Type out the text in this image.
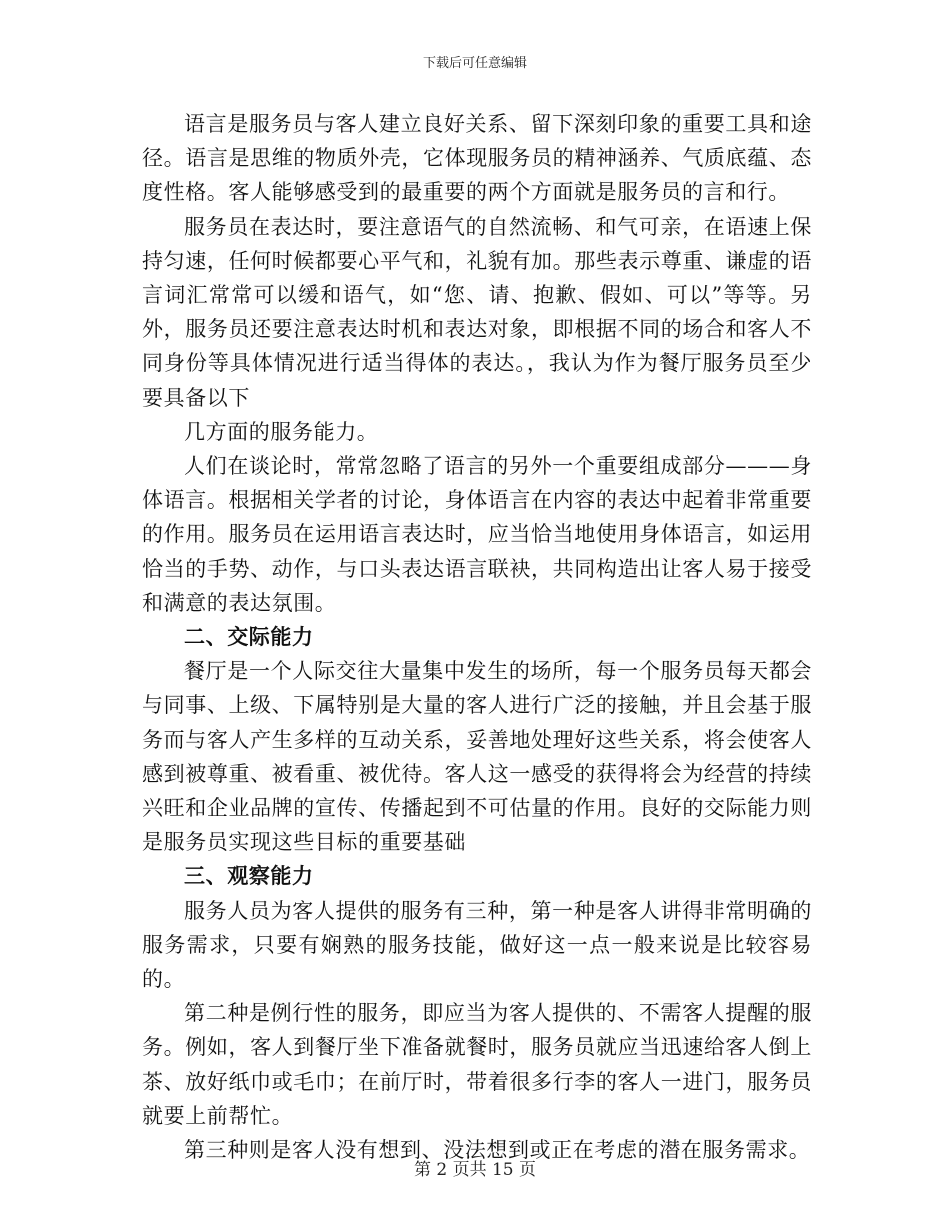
下载后可任意编辑

语言是服务员与客人建立良好关系、留下深刻印象的重要工具和途径。语言是思维的物质外壳，它体现服务员的精神涵养、气质底蕴、态度性格。客人能够感受到的最重要的两个方面就是服务员的言和行。

服务员在表达时，要注意语气的自然流畅、和气可亲，在语速上保持匀速，任何时候都要心平气和，礼貌有加。那些表示尊重、谦虚的语言词汇常常可以缓和语气，如“您、请、抱歉、假如、可以”等等。另外，服务员还要注意表达时机和表达对象，即根据不同的场合和客人不同身份等具体情况进行适当得体的表达。，我认为作为餐厅服务员至少要具备以下

几方面的服务能力。

人们在谈论时，常常忽略了语言的另外一个重要组成部分———身体语言。根据相关学者的讨论，身体语言在内容的表达中起着非常重要的作用。服务员在运用语言表达时，应当恰当地使用身体语言，如运用恰当的手势、动作，与口头表达语言联袂，共同构造出让客人易于接受和满意的表达氛围。

二、交际能力

餐厅是一个人际交往大量集中发生的场所，每一个服务员每天都会与同事、上级、下属特别是大量的客人进行广泛的接触，并且会基于服务而与客人产生多样的互动关系，妥善地处理好这些关系，将会使客人感到被尊重、被看重、被优待。客人这一感受的获得将会为经营的持续兴旺和企业品牌的宣传、传播起到不可估量的作用。良好的交际能力则是服务员实现这些目标的重要基础

三、观察能力

服务人员为客人提供的服务有三种，第一种是客人讲得非常明确的服务需求，只要有娴熟的服务技能，做好这一点一般来说是比较容易的。

第二种是例行性的服务，即应当为客人提供的、不需客人提醒的服务。例如，客人到餐厅坐下准备就餐时，服务员就应当迅速给客人倒上茶、放好纸巾或毛巾；在前厅时，带着很多行李的客人一进门，服务员就要上前帮忙。

第三种则是客人没有想到、没法想到或正在考虑的潜在服务需求。

第 2 页共 15 页
